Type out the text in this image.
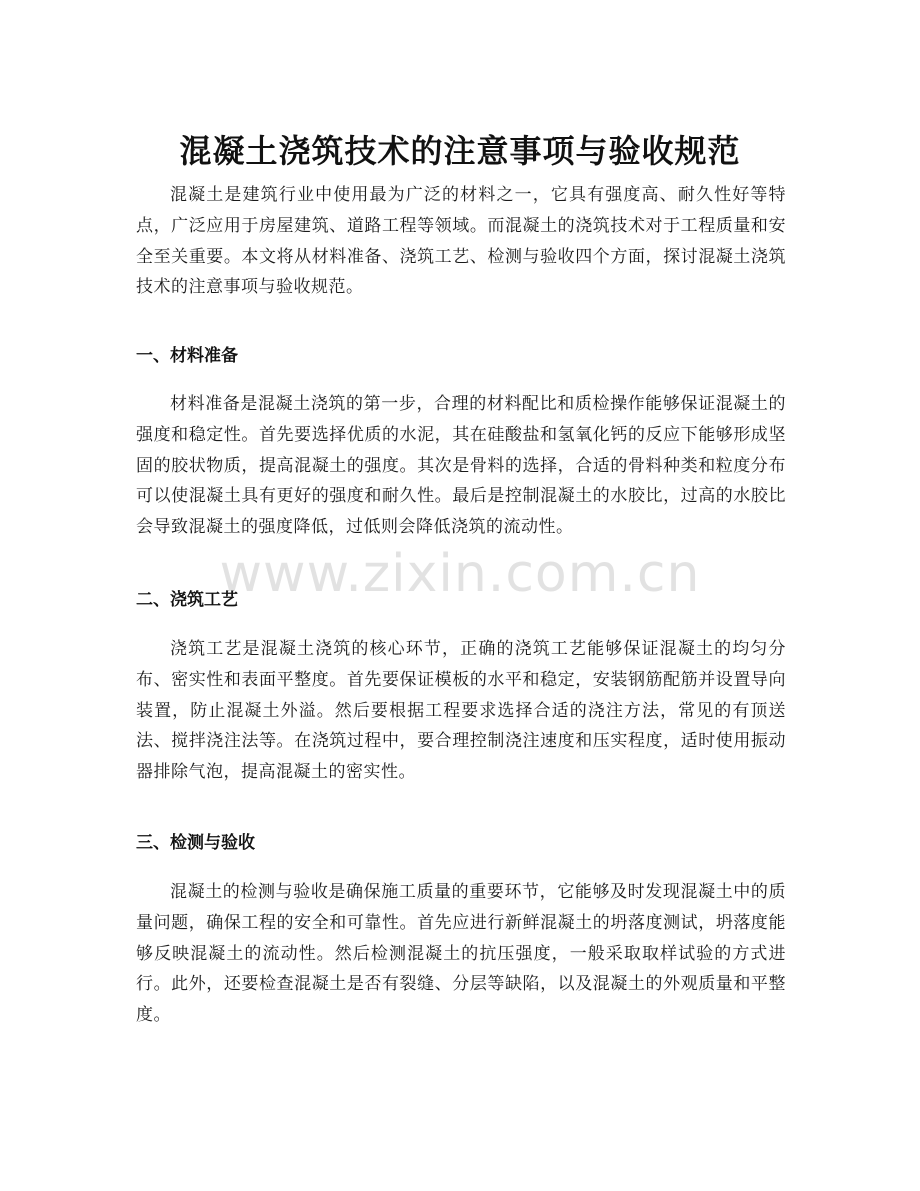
混凝土浇筑技术的注意事项与验收规范

混凝土是建筑行业中使用最为广泛的材料之一，它具有强度高、耐久性好等特点，广泛应用于房屋建筑、道路工程等领域。而混凝土的浇筑技术对于工程质量和安全至关重要。本文将从材料准备、浇筑工艺、检测与验收四个方面，探讨混凝土浇筑技术的注意事项与验收规范。

一、材料准备

材料准备是混凝土浇筑的第一步，合理的材料配比和质检操作能够保证混凝土的强度和稳定性。首先要选择优质的水泥，其在硅酸盐和氢氧化钙的反应下能够形成坚固的胶状物质，提高混凝土的强度。其次是骨料的选择，合适的骨料种类和粒度分布可以使混凝土具有更好的强度和耐久性。最后是控制混凝土的水胶比，过高的水胶比会导致混凝土的强度降低，过低则会降低浇筑的流动性。

二、浇筑工艺

浇筑工艺是混凝土浇筑的核心环节，正确的浇筑工艺能够保证混凝土的均匀分布、密实性和表面平整度。首先要保证模板的水平和稳定，安装钢筋配筋并设置导向装置，防止混凝土外溢。然后要根据工程要求选择合适的浇注方法，常见的有顶送法、搅拌浇注法等。在浇筑过程中，要合理控制浇注速度和压实程度，适时使用振动器排除气泡，提高混凝土的密实性。

三、检测与验收

混凝土的检测与验收是确保施工质量的重要环节，它能够及时发现混凝土中的质量问题，确保工程的安全和可靠性。首先应进行新鲜混凝土的坍落度测试，坍落度能够反映混凝土的流动性。然后检测混凝土的抗压强度，一般采取取样试验的方式进行。此外，还要检查混凝土是否有裂缝、分层等缺陷，以及混凝土的外观质量和平整度。

www.zixin.com.cn
